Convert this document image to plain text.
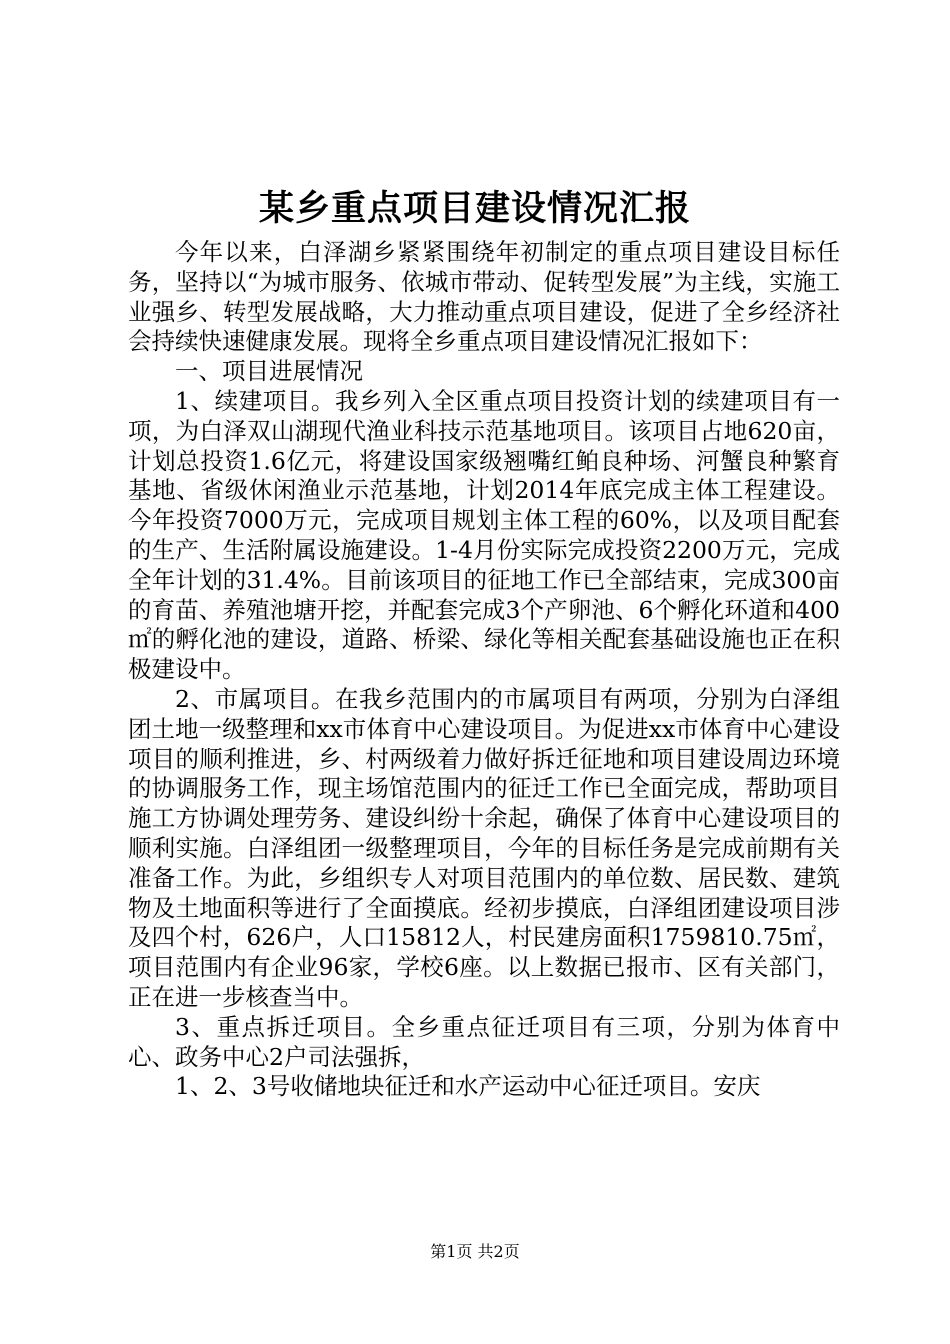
某乡重点项目建设情况汇报

今年以来，白泽湖乡紧紧围绕年初制定的重点项目建设目标任务，坚持以“为城市服务、依城市带动、促转型发展”为主线，实施工业强乡、转型发展战略，大力推动重点项目建设，促进了全乡经济社会持续快速健康发展。现将全乡重点项目建设情况汇报如下：

一、项目进展情况

1、续建项目。我乡列入全区重点项目投资计划的续建项目有一项，为白泽双山湖现代渔业科技示范基地项目。该项目占地620亩，计划总投资1.6亿元，将建设国家级翘嘴红鲌良种场、河蟹良种繁育基地、省级休闲渔业示范基地，计划2014年底完成主体工程建设。今年投资7000万元，完成项目规划主体工程的60%，以及项目配套的生产、生活附属设施建设。1-4月份实际完成投资2200万元，完成全年计划的31.4%。目前该项目的征地工作已全部结束，完成300亩的育苗、养殖池塘开挖，并配套完成3个产卵池、6个孵化环道和400㎡的孵化池的建设，道路、桥梁、绿化等相关配套基础设施也正在积极建设中。

2、市属项目。在我乡范围内的市属项目有两项，分别为白泽组团土地一级整理和xx市体育中心建设项目。为促进xx市体育中心建设项目的顺利推进，乡、村两级着力做好拆迁征地和项目建设周边环境的协调服务工作，现主场馆范围内的征迁工作已全面完成，帮助项目施工方协调处理劳务、建设纠纷十余起，确保了体育中心建设项目的顺利实施。白泽组团一级整理项目，今年的目标任务是完成前期有关准备工作。为此，乡组织专人对项目范围内的单位数、居民数、建筑物及土地面积等进行了全面摸底。经初步摸底，白泽组团建设项目涉及四个村，626户，人口15812人，村民建房面积1759810.75㎡，项目范围内有企业96家，学校6座。以上数据已报市、区有关部门，正在进一步核查当中。

3、重点拆迁项目。全乡重点征迁项目有三项，分别为体育中心、政务中心2户司法强拆，

1、2、3号收储地块征迁和水产运动中心征迁项目。安庆

第1页 共2页
